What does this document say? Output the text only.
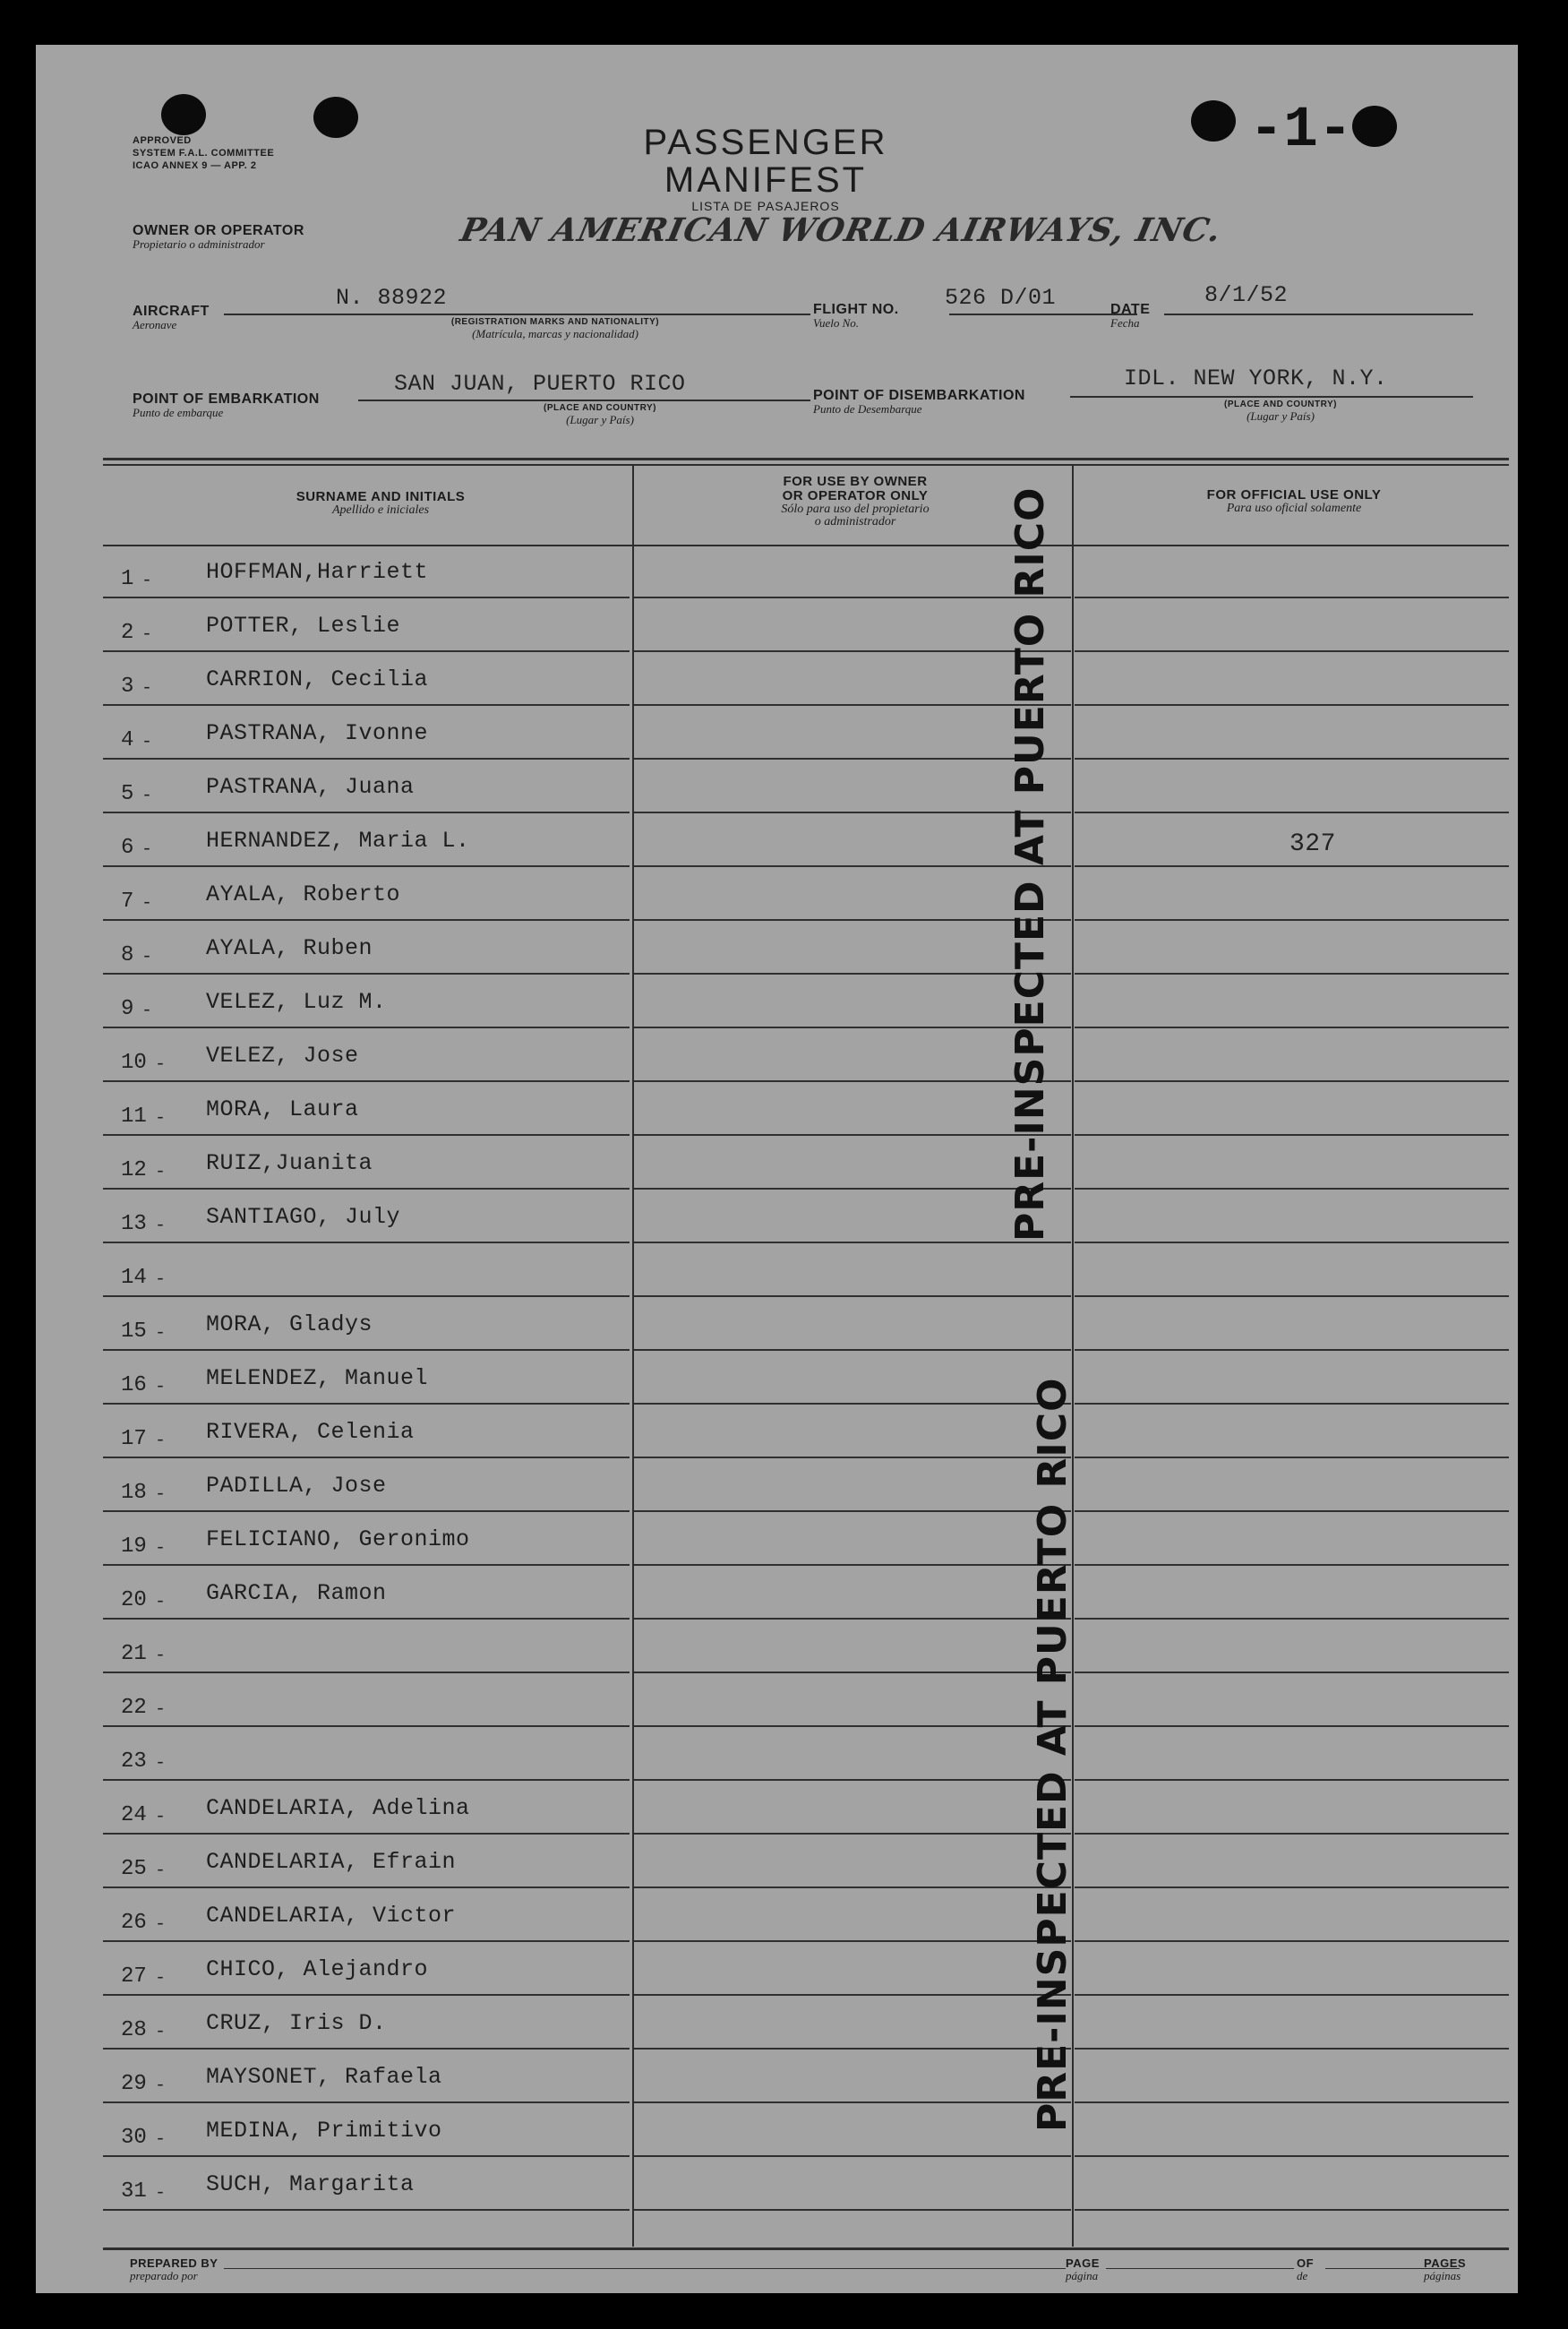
APPROVED
SYSTEM F.A.L. COMMITTEE
ICAO ANNEX 9 — APP. 2
PASSENGER MANIFEST
LISTA DE PASAJEROS
-1-
OWNER OR OPERATOR
Propietario o administrador	PAN AMERICAN WORLD AIRWAYS, INC.
AIRCRAFT
Aeronave
N. 88922
(REGISTRATION MARKS AND NATIONALITY)
(Matrícula, marcas y nacionalidad)
FLIGHT NO.
Vuelo No.
526 D/01	DATE
Fecha
8/1/52
POINT OF EMBARKATION
Punto de embarque
SAN JUAN, PUERTO RICO
(PLACE AND COUNTRY)
(Lugar y País)
POINT OF DISEMBARKATION
Punto de Desembarque
IDL. NEW YORK, N.Y.
(PLACE AND COUNTRY)
(Lugar y País)
SURNAME AND INITIALS
Apellido e iniciales
FOR USE BY OWNER
OR OPERATOR ONLY
Sólo para uso del propietario
o administrador
FOR OFFICIAL USE ONLY
Para uso oficial solamente
1 - HOFFMAN,Harriett
2 - POTTER, Leslie
3 - CARRION, Cecilia
4 - PASTRANA, Ivonne
5 - PASTRANA, Juana
6 - HERNANDEZ, Maria L.
7 - AYALA, Roberto
8 - AYALA, Ruben
9 - VELEZ, Luz M.
10 - VELEZ, Jose
11 - MORA, Laura
12 - RUIZ,Juanita
13 - SANTIAGO, July
14 -
15 - MORA, Gladys
16 - MELENDEZ, Manuel
17 - RIVERA, Celenia
18 - PADILLA, Jose
19 - FELICIANO, Geronimo
20 - GARCIA, Ramon
21 -
22 -
23 -
24 - CANDELARIA, Adelina
25 - CANDELARIA, Efrain
26 - CANDELARIA, Victor
27 - CHICO, Alejandro
28 - CRUZ, Iris D.
29 - MAYSONET, Rafaela
30 - MEDINA, Primitivo
31 - SUCH, Margarita
327
PRE-INSPECTED AT PUERTO RICO
PRE-INSPECTED AT PUERTO RICO
PREPARED BY
preparado por
PAGE
página
OF
de
PAGES
páginas
